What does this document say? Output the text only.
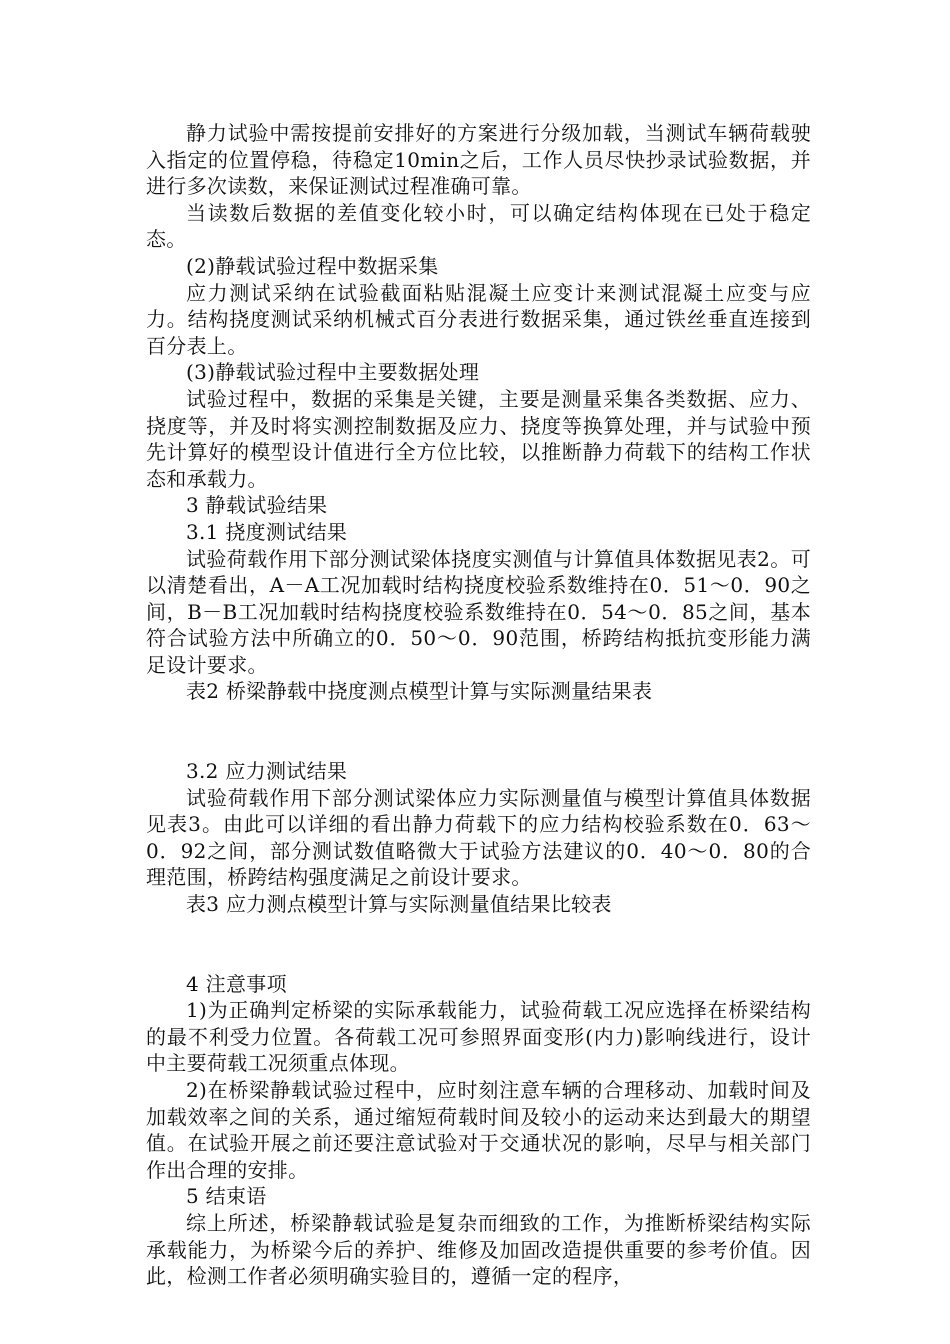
静力试验中需按提前安排好的方案进行分级加载，当测试车辆荷载驶入指定的位置停稳，待稳定10min之后，工作人员尽快抄录试验数据，并进行多次读数，来保证测试过程准确可靠。

当读数后数据的差值变化较小时，可以确定结构体现在已处于稳定态。

(2)静载试验过程中数据采集

应力测试采纳在试验截面粘贴混凝土应变计来测试混凝土应变与应力。结构挠度测试采纳机械式百分表进行数据采集，通过铁丝垂直连接到百分表上。

(3)静载试验过程中主要数据处理

试验过程中，数据的采集是关键，主要是测量采集各类数据、应力、挠度等，并及时将实测控制数据及应力、挠度等换算处理，并与试验中预先计算好的模型设计值进行全方位比较，以推断静力荷载下的结构工作状态和承载力。

3 静载试验结果

3.1 挠度测试结果

试验荷载作用下部分测试梁体挠度实测值与计算值具体数据见表2。可以清楚看出，A－A工况加载时结构挠度校验系数维持在0．51～0．90之间，B－B工况加载时结构挠度校验系数维持在0．54～0．85之间，基本符合试验方法中所确立的0．50～0．90范围，桥跨结构抵抗变形能力满足设计要求。

表2 桥梁静载中挠度测点模型计算与实际测量结果表

3.2 应力测试结果

试验荷载作用下部分测试梁体应力实际测量值与模型计算值具体数据见表3。由此可以详细的看出静力荷载下的应力结构校验系数在0．63～0．92之间，部分测试数值略微大于试验方法建议的0．40～0．80的合理范围，桥跨结构强度满足之前设计要求。

表3 应力测点模型计算与实际测量值结果比较表

4 注意事项

1)为正确判定桥梁的实际承载能力，试验荷载工况应选择在桥梁结构的最不利受力位置。各荷载工况可参照界面变形(内力)影响线进行，设计中主要荷载工况须重点体现。

2)在桥梁静载试验过程中，应时刻注意车辆的合理移动、加载时间及加载效率之间的关系，通过缩短荷载时间及较小的运动来达到最大的期望值。在试验开展之前还要注意试验对于交通状况的影响，尽早与相关部门作出合理的安排。

5 结束语

综上所述，桥梁静载试验是复杂而细致的工作，为推断桥梁结构实际承载能力，为桥梁今后的养护、维修及加固改造提供重要的参考价值。因此，检测工作者必须明确实验目的，遵循一定的程序，
